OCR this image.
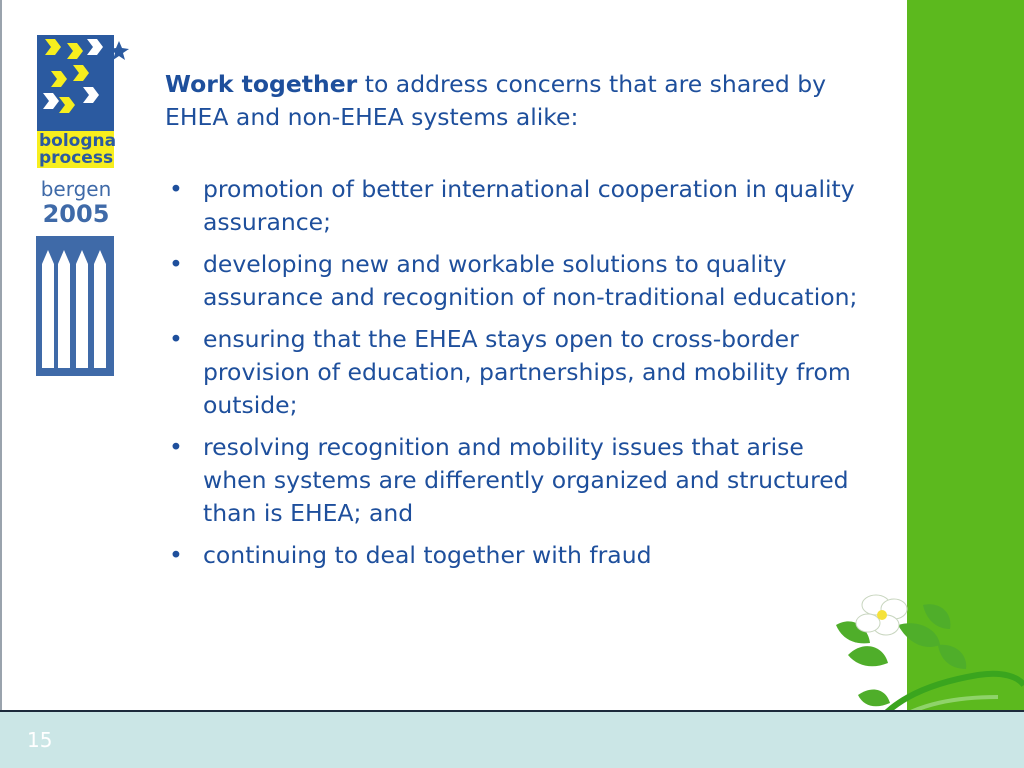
bologna
process
bergen
2005
Work together to address concerns that are shared by EHEA and non-EHEA systems alike:
• promotion of better international cooperation in quality assurance;
• developing new and workable solutions to quality assurance and recognition of non-traditional education;
• ensuring that the EHEA stays open to cross-border provision of education, partnerships, and mobility from outside;
• resolving recognition and mobility issues that arise when systems are differently organized and structured than is EHEA; and
• continuing to deal together with fraud
15
